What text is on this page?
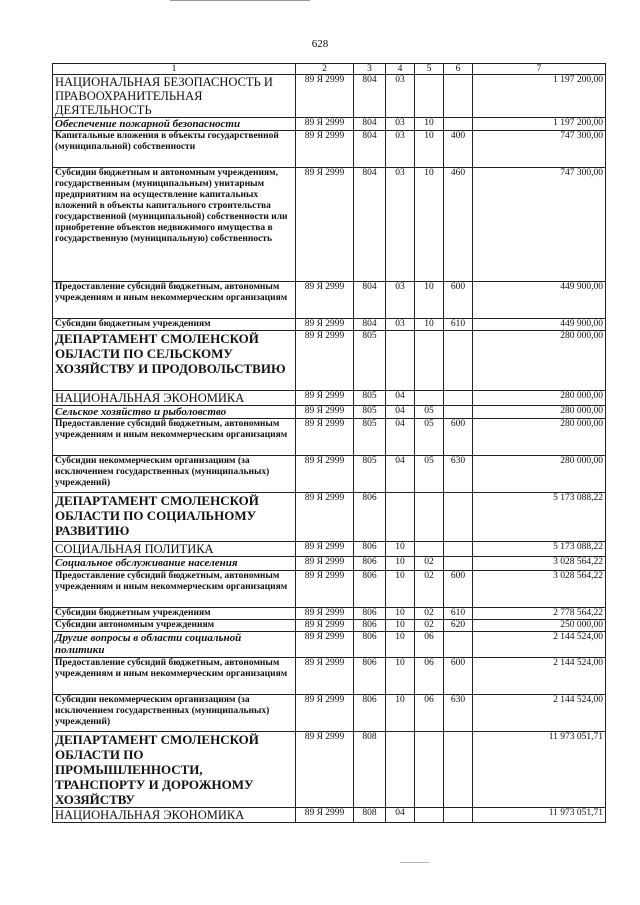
628
1	2	3	4	5	6	7
НАЦИОНАЛЬНАЯ БЕЗОПАСНОСТЬ И ПРАВООХРАНИТЕЛЬНАЯ ДЕЯТЕЛЬНОСТЬ	89 Я 2999	804	03			1 197 200,00
Обеспечение пожарной безопасности	89 Я 2999	804	03	10		1 197 200,00
Капитальные вложения в объекты государственной (муниципальной) собственности	89 Я 2999	804	03	10	400	747 300,00
Субсидии бюджетным и автономным учреждениям, государственным (муниципальным) унитарным предприятиям на осуществление капитальных вложений в объекты капитального строительства государственной (муниципальной) собственности или приобретение объектов недвижимого имущества в государственную (муниципальную) собственность	89 Я 2999	804	03	10	460	747 300,00
Предоставление субсидий бюджетным, автономным учреждениям и иным некоммерческим организациям	89 Я 2999	804	03	10	600	449 900,00
Субсидии бюджетным учреждениям	89 Я 2999	804	03	10	610	449 900,00
ДЕПАРТАМЕНТ СМОЛЕНСКОЙ ОБЛАСТИ ПО СЕЛЬСКОМУ ХОЗЯЙСТВУ И ПРОДОВОЛЬСТВИЮ	89 Я 2999	805				280 000,00
НАЦИОНАЛЬНАЯ ЭКОНОМИКА	89 Я 2999	805	04			280 000,00
Сельское хозяйство и рыболовство	89 Я 2999	805	04	05		280 000,00
Предоставление субсидий бюджетным, автономным учреждениям и иным некоммерческим организациям	89 Я 2999	805	04	05	600	280 000,00
Субсидии некоммерческим организациям (за исключением государственных (муниципальных) учреждений)	89 Я 2999	805	04	05	630	280 000,00
ДЕПАРТАМЕНТ СМОЛЕНСКОЙ ОБЛАСТИ ПО СОЦИАЛЬНОМУ РАЗВИТИЮ	89 Я 2999	806				5 173 088,22
СОЦИАЛЬНАЯ ПОЛИТИКА	89 Я 2999	806	10			5 173 088,22
Социальное обслуживание населения	89 Я 2999	806	10	02		3 028 564,22
Предоставление субсидий бюджетным, автономным учреждениям и иным некоммерческим организациям	89 Я 2999	806	10	02	600	3 028 564,22
Субсидии бюджетным учреждениям	89 Я 2999	806	10	02	610	2 778 564,22
Субсидии автономным учреждениям	89 Я 2999	806	10	02	620	250 000,00
Другие вопросы в области социальной политики	89 Я 2999	806	10	06		2 144 524,00
Предоставление субсидий бюджетным, автономным учреждениям и иным некоммерческим организациям	89 Я 2999	806	10	06	600	2 144 524,00
Субсидии некоммерческим организациям (за исключением государственных (муниципальных) учреждений)	89 Я 2999	806	10	06	630	2 144 524,00
ДЕПАРТАМЕНТ СМОЛЕНСКОЙ ОБЛАСТИ ПО ПРОМЫШЛЕННОСТИ, ТРАНСПОРТУ И ДОРОЖНОМУ ХОЗЯЙСТВУ	89 Я 2999	808				11 973 051,71
НАЦИОНАЛЬНАЯ ЭКОНОМИКА	89 Я 2999	808	04			11 973 051,71
